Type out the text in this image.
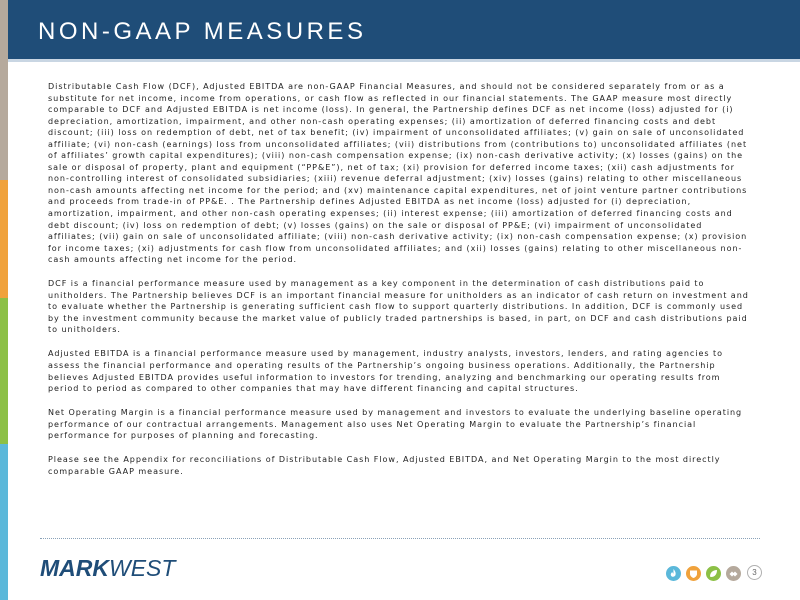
NON-GAAP MEASURES

Distributable Cash Flow (DCF), Adjusted EBITDA are non-GAAP Financial Measures, and should not be considered separately from or as a substitute for net income, income from operations, or cash flow as reflected in our financial statements. The GAAP measure most directly comparable to DCF and Adjusted EBITDA is net income (loss). In general, the Partnership defines DCF as net income (loss) adjusted for (i) depreciation, amortization, impairment, and other non-cash operating expenses; (ii) amortization of deferred financing costs and debt discount; (iii) loss on redemption of debt, net of tax benefit; (iv) impairment of unconsolidated affiliates; (v) gain on sale of unconsolidated affiliate; (vi) non-cash (earnings) loss from unconsolidated affiliates; (vii) distributions from (contributions to) unconsolidated affiliates (net of affiliates’ growth capital expenditures); (viii) non-cash compensation expense; (ix) non-cash derivative activity; (x) losses (gains) on the sale or disposal of property, plant and equipment (“PP&E”), net of tax; (xi) provision for deferred income taxes; (xii) cash adjustments for non-controlling interest of consolidated subsidiaries; (xiii) revenue deferral adjustment; (xiv) losses (gains) relating to other miscellaneous non-cash amounts affecting net income for the period; and (xv) maintenance capital expenditures, net of joint venture partner contributions and proceeds from trade-in of PP&E. . The Partnership defines Adjusted EBITDA as net income (loss) adjusted for (i) depreciation, amortization, impairment, and other non-cash operating expenses; (ii) interest expense; (iii) amortization of deferred financing costs and debt discount; (iv) loss on redemption of debt; (v) losses (gains) on the sale or disposal of PP&E; (vi) impairment of unconsolidated affiliates; (vii) gain on sale of unconsolidated affiliate; (viii) non-cash derivative activity; (ix) non-cash compensation expense; (x) provision for income taxes; (xi) adjustments for cash flow from unconsolidated affiliates; and (xii) losses (gains) relating to other miscellaneous non-cash amounts affecting net income for the period.

DCF is a financial performance measure used by management as a key component in the determination of cash distributions paid to unitholders. The Partnership believes DCF is an important financial measure for unitholders as an indicator of cash return on investment and to evaluate whether the Partnership is generating sufficient cash flow to support quarterly distributions. In addition, DCF is commonly used by the investment community because the market value of publicly traded partnerships is based, in part, on DCF and cash distributions paid to unitholders.

Adjusted EBITDA is a financial performance measure used by management, industry analysts, investors, lenders, and rating agencies to assess the financial performance and operating results of the Partnership’s ongoing business operations. Additionally, the Partnership believes Adjusted EBITDA provides useful information to investors for trending, analyzing and benchmarking our operating results from period to period as compared to other companies that may have different financing and capital structures.

Net Operating Margin is a financial performance measure used by management and investors to evaluate the underlying baseline operating performance of our contractual arrangements. Management also uses Net Operating Margin to evaluate the Partnership’s financial performance for purposes of planning and forecasting.

Please see the Appendix for reconciliations of Distributable Cash Flow, Adjusted EBITDA, and Net Operating Margin to the most directly comparable GAAP measure.

MARKWEST	3
